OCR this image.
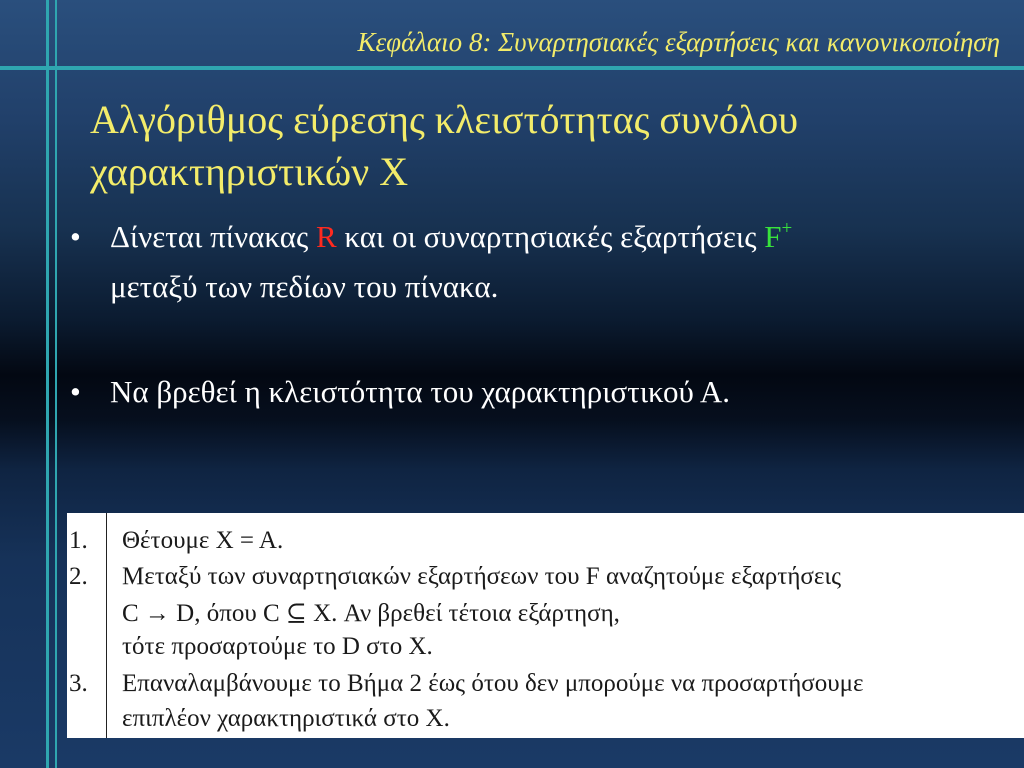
Κεφάλαιο 8: Συναρτησιακές εξαρτήσεις και κανονικοποίηση
Αλγόριθμος εύρεσης κλειστότητας συνόλου
χαρακτηριστικών Χ
• Δίνεται πίνακας R και οι συναρτησιακές εξαρτήσεις F+
μεταξύ των πεδίων του πίνακα.
• Να βρεθεί η κλειστότητα του χαρακτηριστικού Α.
1. Θέτουμε X = A.
2. Μεταξύ των συναρτησιακών εξαρτήσεων του F αναζητούμε εξαρτήσεις
C → D, όπου C ⊆ X. Αν βρεθεί τέτοια εξάρτηση,
τότε προσαρτούμε το D στο X.
3. Επαναλαμβάνουμε το Βήμα 2 έως ότου δεν μπορούμε να προσαρτήσουμε
επιπλέον χαρακτηριστικά στο X.
